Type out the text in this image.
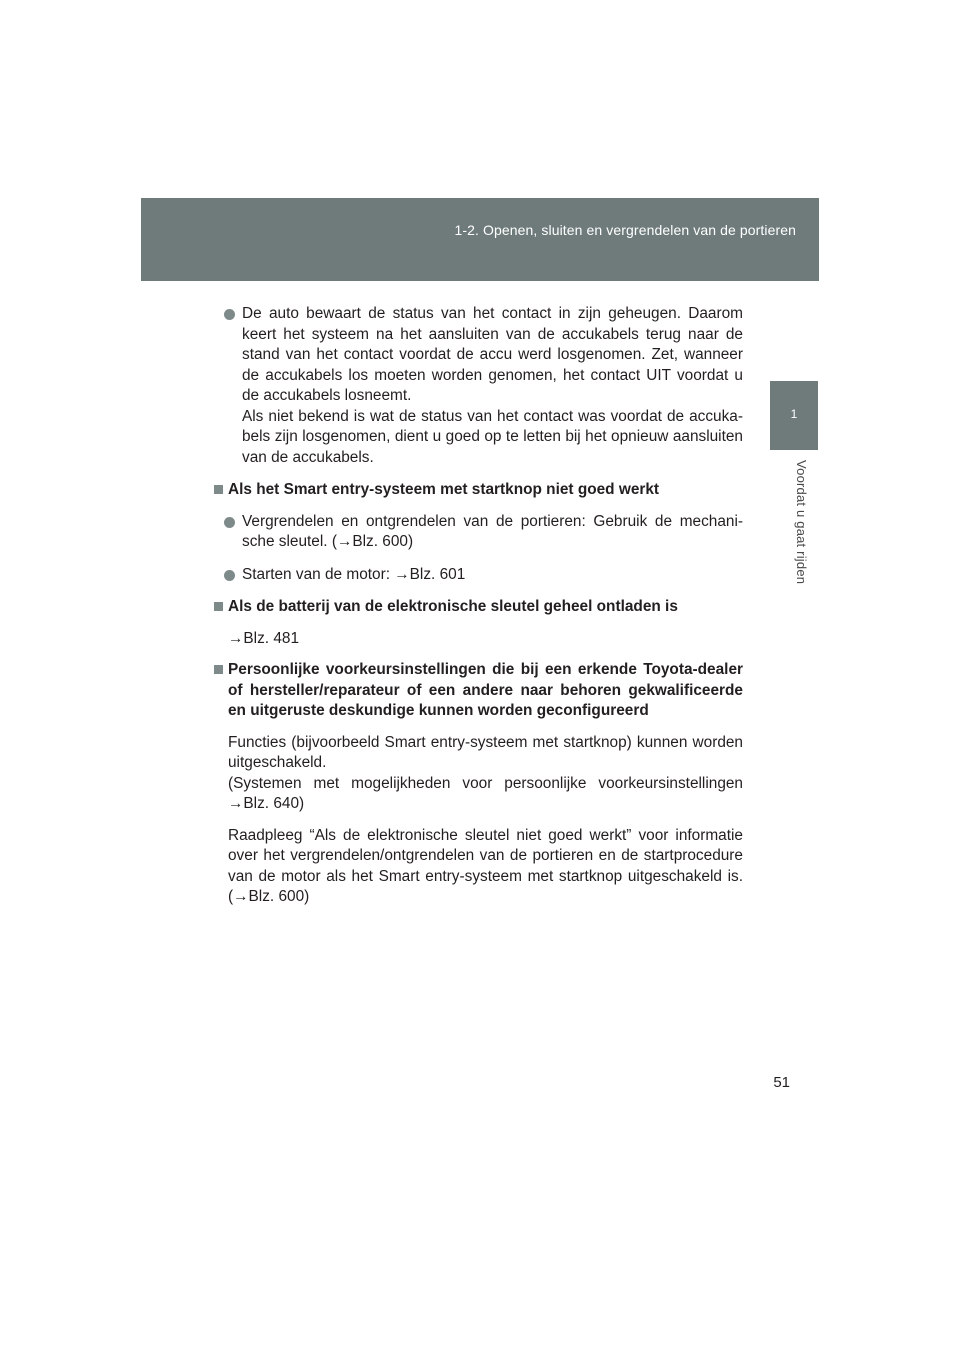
1-2. Openen, sluiten en vergrendelen van de portieren
1
Voordat u gaat rijden
De auto bewaart de status van het contact in zijn geheugen. Daarom keert het systeem na het aansluiten van de accukabels terug naar de stand van het contact voordat de accu werd losgenomen. Zet, wanneer de accukabels los moeten worden genomen, het contact UIT voordat u de accukabels losneemt.
Als niet bekend is wat de status van het contact was voordat de accuka-bels zijn losgenomen, dient u goed op te letten bij het opnieuw aansluiten van de accukabels.
Als het Smart entry-systeem met startknop niet goed werkt
Vergrendelen en ontgrendelen van de portieren: Gebruik de mechani-sche sleutel. (→Blz. 600)
Starten van de motor: →Blz. 601
Als de batterij van de elektronische sleutel geheel ontladen is
→Blz. 481
Persoonlijke voorkeursinstellingen die bij een erkende Toyota-dealer of hersteller/reparateur of een andere naar behoren gekwalificeerde en uitgeruste deskundige kunnen worden geconfigureerd
Functies (bijvoorbeeld Smart entry-systeem met startknop) kunnen worden uitgeschakeld.
(Systemen met mogelijkheden voor persoonlijke voorkeursinstellingen →Blz. 640)
Raadpleeg “Als de elektronische sleutel niet goed werkt” voor informatie over het vergrendelen/ontgrendelen van de portieren en de startprocedure van de motor als het Smart entry-systeem met startknop uitgeschakeld is. (→Blz. 600)
51
